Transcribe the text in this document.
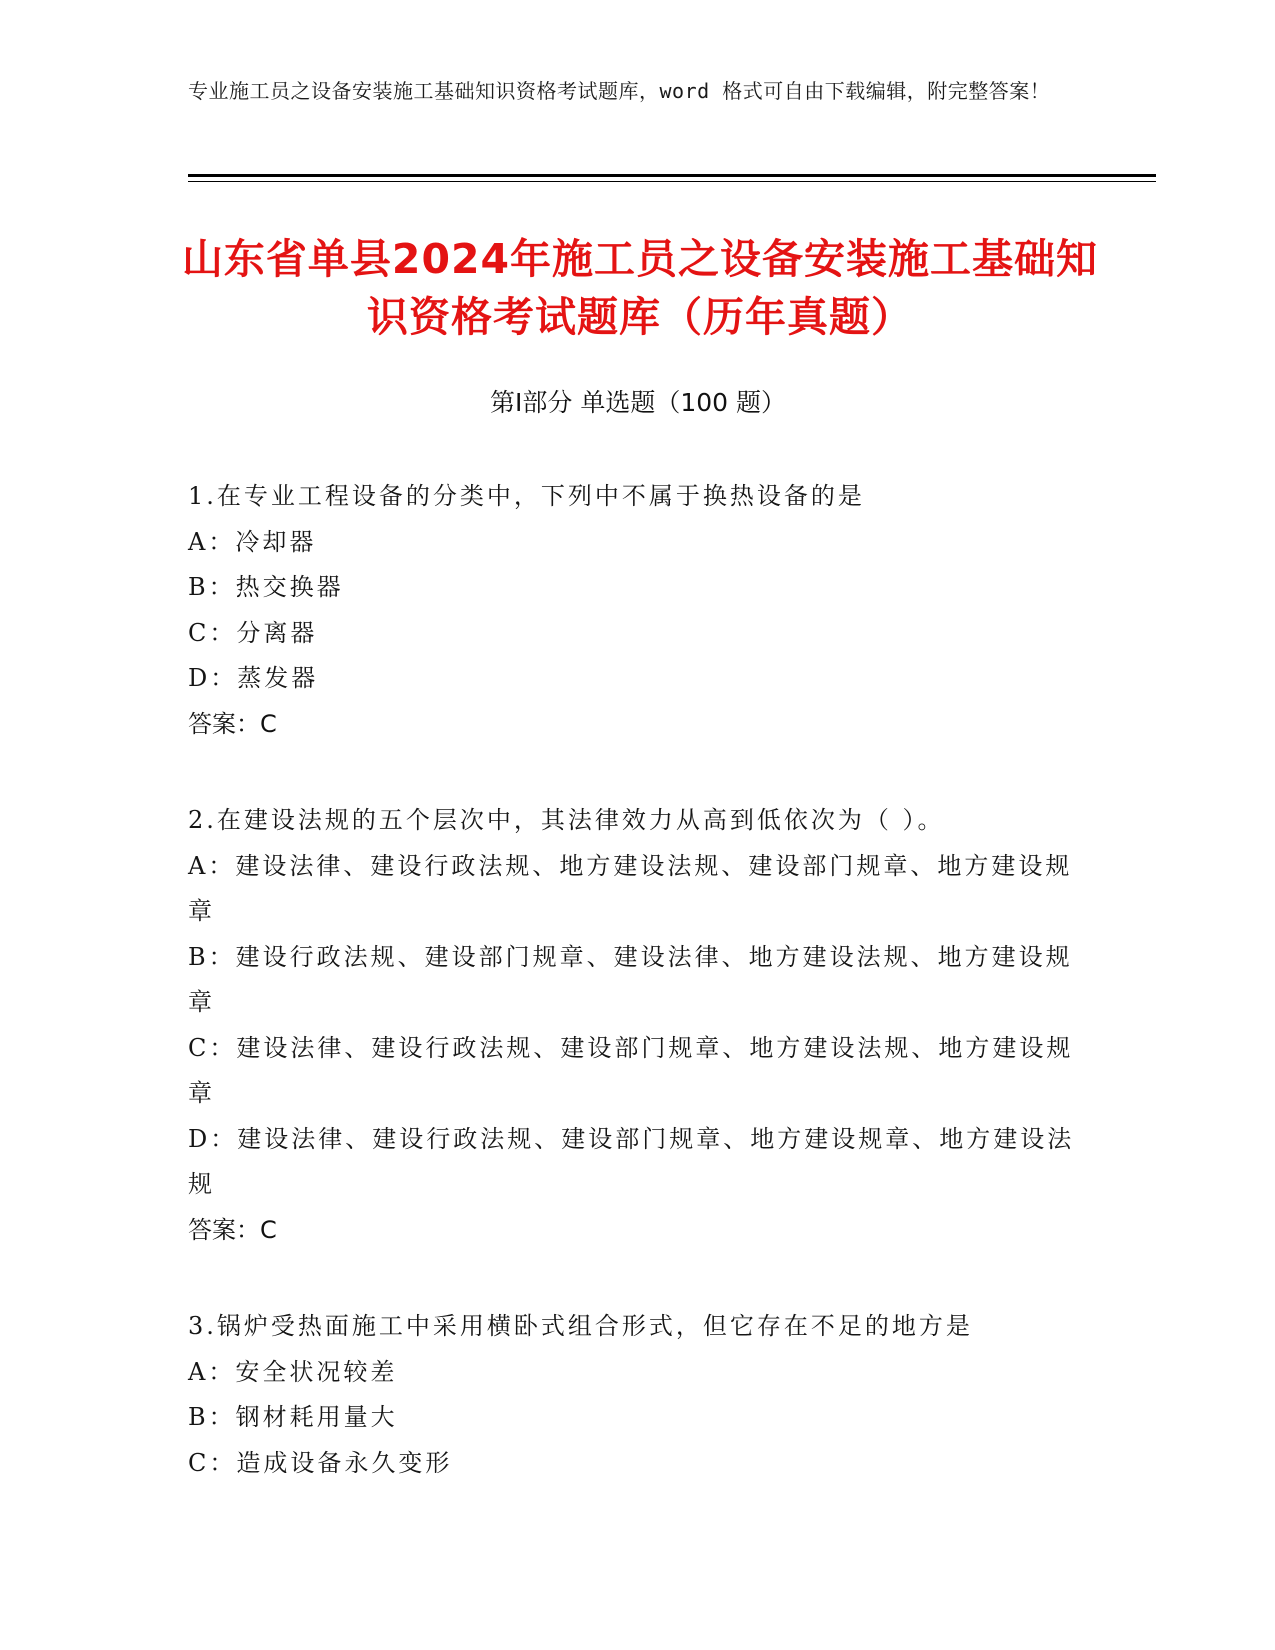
专业施工员之设备安装施工基础知识资格考试题库，word 格式可自由下载编辑，附完整答案！
山东省单县2024年施工员之设备安装施工基础知识资格考试题库（历年真题）
第Ⅰ部分 单选题（100 题）
1.在专业工程设备的分类中，下列中不属于换热设备的是
A：冷却器
B：热交换器
C：分离器
D：蒸发器
答案：C
2.在建设法规的五个层次中，其法律效力从高到低依次为（ ）。
A：建设法律、建设行政法规、地方建设法规、建设部门规章、地方建设规章
B：建设行政法规、建设部门规章、建设法律、地方建设法规、地方建设规章
C：建设法律、建设行政法规、建设部门规章、地方建设法规、地方建设规章
D：建设法律、建设行政法规、建设部门规章、地方建设规章、地方建设法规
答案：C
3.锅炉受热面施工中采用横卧式组合形式，但它存在不足的地方是
A：安全状况较差
B：钢材耗用量大
C：造成设备永久变形
